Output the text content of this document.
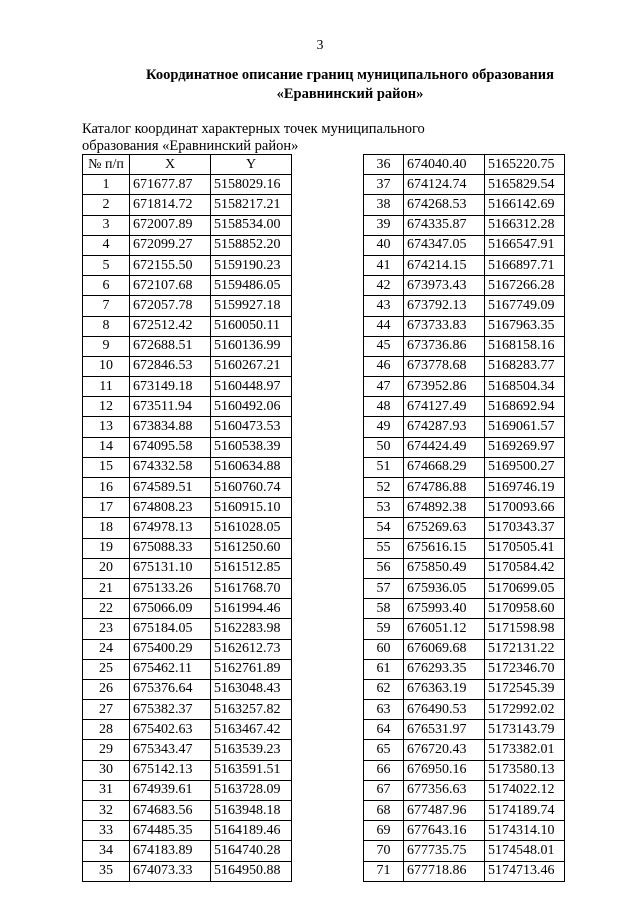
3
Координатное описание границ муниципального образования
«Еравнинский район»
Каталог координат характерных точек муниципального
образования «Еравнинский район»
№ п/п	X	Y
1	671677.87	5158029.16
2	671814.72	5158217.21
3	672007.89	5158534.00
4	672099.27	5158852.20
5	672155.50	5159190.23
6	672107.68	5159486.05
7	672057.78	5159927.18
8	672512.42	5160050.11
9	672688.51	5160136.99
10	672846.53	5160267.21
11	673149.18	5160448.97
12	673511.94	5160492.06
13	673834.88	5160473.53
14	674095.58	5160538.39
15	674332.58	5160634.88
16	674589.51	5160760.74
17	674808.23	5160915.10
18	674978.13	5161028.05
19	675088.33	5161250.60
20	675131.10	5161512.85
21	675133.26	5161768.70
22	675066.09	5161994.46
23	675184.05	5162283.98
24	675400.29	5162612.73
25	675462.11	5162761.89
26	675376.64	5163048.43
27	675382.37	5163257.82
28	675402.63	5163467.42
29	675343.47	5163539.23
30	675142.13	5163591.51
31	674939.61	5163728.09
32	674683.56	5163948.18
33	674485.35	5164189.46
34	674183.89	5164740.28
35	674073.33	5164950.88
36	674040.40	5165220.75
37	674124.74	5165829.54
38	674268.53	5166142.69
39	674335.87	5166312.28
40	674347.05	5166547.91
41	674214.15	5166897.71
42	673973.43	5167266.28
43	673792.13	5167749.09
44	673733.83	5167963.35
45	673736.86	5168158.16
46	673778.68	5168283.77
47	673952.86	5168504.34
48	674127.49	5168692.94
49	674287.93	5169061.57
50	674424.49	5169269.97
51	674668.29	5169500.27
52	674786.88	5169746.19
53	674892.38	5170093.66
54	675269.63	5170343.37
55	675616.15	5170505.41
56	675850.49	5170584.42
57	675936.05	5170699.05
58	675993.40	5170958.60
59	676051.12	5171598.98
60	676069.68	5172131.22
61	676293.35	5172346.70
62	676363.19	5172545.39
63	676490.53	5172992.02
64	676531.97	5173143.79
65	676720.43	5173382.01
66	676950.16	5173580.13
67	677356.63	5174022.12
68	677487.96	5174189.74
69	677643.16	5174314.10
70	677735.75	5174548.01
71	677718.86	5174713.46
